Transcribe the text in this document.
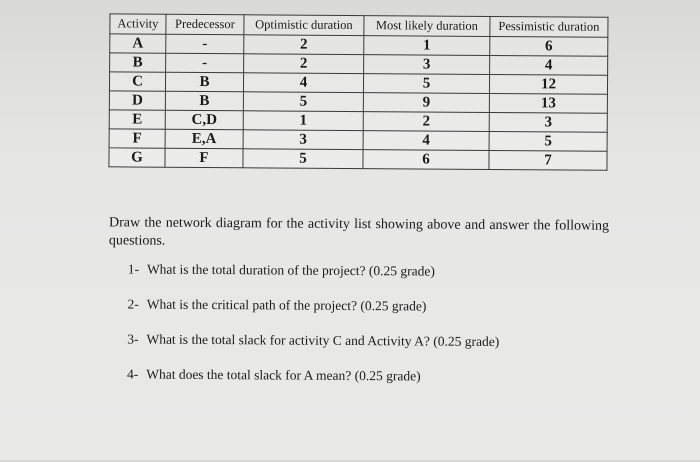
Activity	Predecessor	Optimistic duration	Most likely duration	Pessimistic duration
A	-	2	1	6
B	-	2	3	4
C	B	4	5	12
D	B	5	9	13
E	C,D	1	2	3
F	E,A	3	4	5
G	F	5	6	7

Draw the network diagram for the activity list showing above and answer the following questions.

1- What is the total duration of the project? (0.25 grade)
2- What is the critical path of the project? (0.25 grade)
3- What is the total slack for activity C and Activity A? (0.25 grade)
4- What does the total slack for A mean? (0.25 grade)
